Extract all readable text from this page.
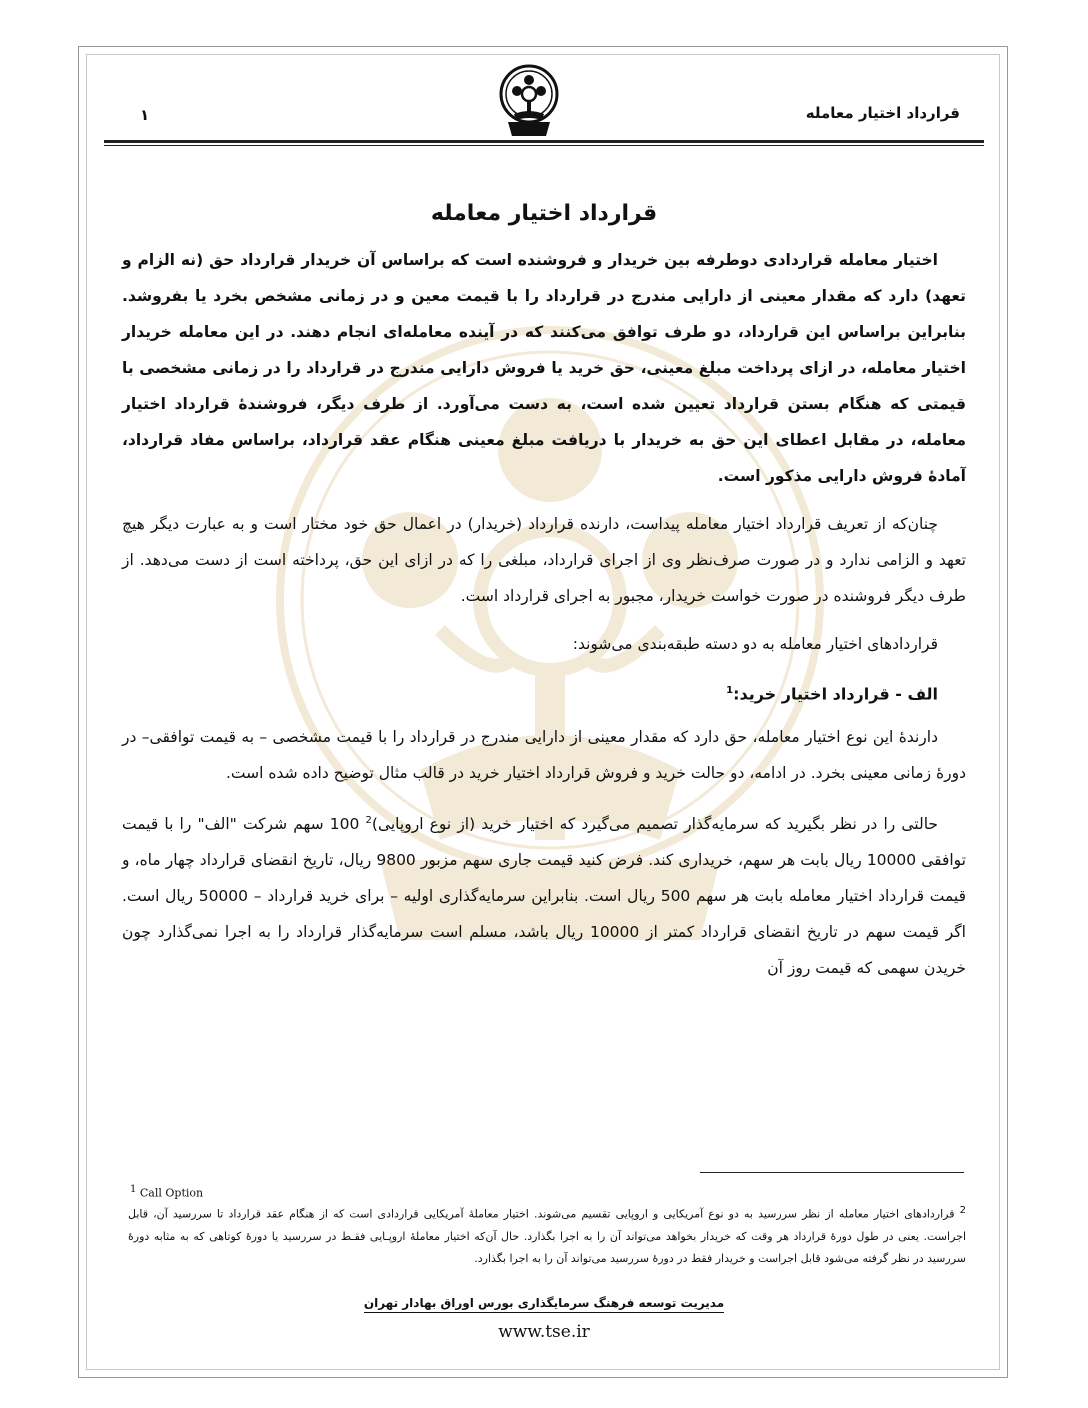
۱	قرارداد اختیار معامله
قرارداد اختیار معامله

اختیار معامله قراردادی دوطرفه بین خریدار و فروشنده است که براساس آن خریدار قرارداد حق (نه الزام و تعهد) دارد که مقدار معینی از دارایی مندرج در قرارداد را با قیمت معین و در زمانی مشخص بخرد یا بفروشد. بنابراین براساس این قرارداد، دو طرف توافق می‌کنند که در آینده معامله‌ای انجام دهند. در این معامله خریدار اختیار معامله، در ازای پرداخت مبلغ معینی، حق خرید یا فروش دارایی مندرج در قرارداد را در زمانی مشخصی با قیمتی که هنگام بستن قرارداد تعیین شده است، به دست می‌آورد. از طرف دیگر، فروشندهٔ قرارداد اختیار معامله، در مقابل اعطای این حق به خریدار با دریافت مبلغ معینی هنگام عقد قرارداد، براساس مفاد قرارداد، آمادهٔ فروش دارایی مذکور است.

چنان‌که از تعریف قرارداد اختیار معامله پیداست، دارنده قرارداد (خریدار) در اعمال حق خود مختار است و به عبارت دیگر هیچ تعهد و الزامی ندارد و در صورت صرف‌نظر وی از اجرای قرارداد، مبلغی را که در ازای این حق، پرداخته است از دست می‌دهد. از طرف دیگر فروشنده در صورت خواست خریدار، مجبور به اجرای قرارداد است.

قراردادهای اختیار معامله به دو دسته طبقه‌بندی می‌شوند:

الف - قرارداد اختیار خرید:$^1$

دارندهٔ این نوع اختیار معامله، حق دارد که مقدار معینی از دارایی مندرج در قرارداد را با قیمت مشخصی – به قیمت توافقی– در دورهٔ زمانی معینی بخرد. در ادامه، دو حالت خرید و فروش قرارداد اختیار خرید در قالب مثال توضیح داده شده است.

حالتی را در نظر بگیرید که سرمایه‌گذار تصمیم می‌گیرد که اختیار خرید (از نوع اروپایی)$^2$ 100 سهم شرکت "الف" را با قیمت توافقی 10000 ریال بابت هر سهم، خریداری کند. فرض کنید قیمت جاری سهم مزبور 9800 ریال، تاریخ انقضای قرارداد چهار ماه، و قیمت قرارداد اختیار معامله بابت هر سهم 500 ریال است. بنابراین سرمایه‌گذاری اولیه – برای خرید قرارداد – 50000 ریال است. اگر قیمت سهم در تاریخ انقضای قرارداد کمتر از 10000 ریال باشد، مسلم است سرمایه‌گذار قرارداد را به اجرا نمی‌گذارد چون خریدن سهمی که قیمت روز آن

$^1$ Call Option
$^2$ قراردادهای اختیار معامله از نظر سررسید به دو نوع آمریکایی و اروپایی تقسیم می‌شوند. اختیار معاملهٔ آمریکایی قراردادی است که از هنگام عقد قرارداد تا سررسید آن، قابل اجراست. یعنی در طول دورهٔ قرارداد هر وقت که خریدار بخواهد می‌تواند آن را به اجرا بگذارد. حال آن‌که اختیار معاملهٔ اروپـایی فقـط در سررسید یا دورهٔ کوتاهی که به مثابه دورهٔ سررسید در نظر گرفته می‌شود قابل اجراست و خریدار فقط در دورهٔ سررسید می‌تواند آن را به اجرا بگذارد.
مدیریت توسعه فرهنگ سرمایگذاری بورس اوراق بهادار تهران
www.tse.ir
